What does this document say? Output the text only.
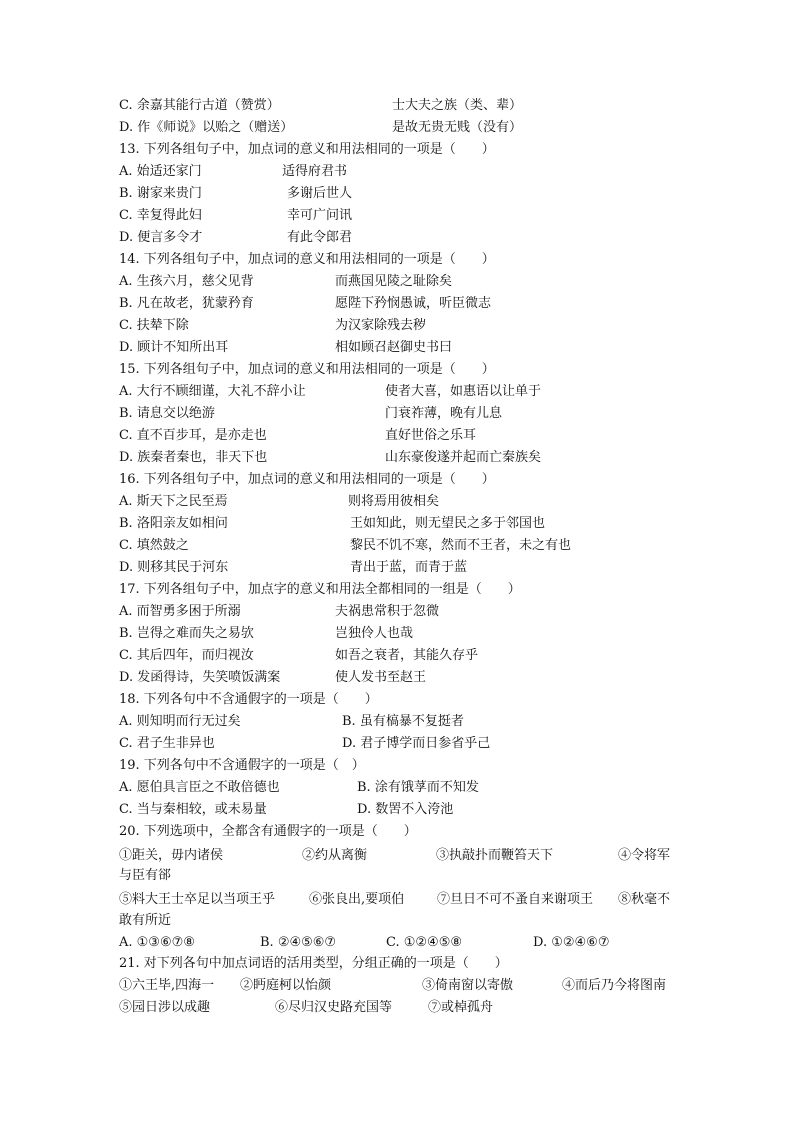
C. 余嘉其能行古道（赞赏）	士大夫之族（类、辈）
D. 作《师说》以贻之（赠送）	是故无贵无贱（没有）
13. 下列各组句子中，加点词的意义和用法相同的一项是（　　）
A. 始适还家门	适得府君书
B. 谢家来贵门	多谢后世人
C. 幸复得此妇	幸可广问讯
D. 便言多令才	有此令郎君
14. 下列各组句子中，加点词的意义和用法相同的一项是（　　）
A. 生孩六月，慈父见背	而燕国见陵之耻除矣
B. 凡在故老，犹蒙矜育	愿陛下矜悯愚诚，听臣微志
C. 扶辇下除	为汉家除残去秽
D. 顾计不知所出耳	相如顾召赵御史书曰
15. 下列各组句子中，加点词的意义和用法相同的一项是（　　）
A. 大行不顾细谨，大礼不辞小让	使者大喜，如惠语以让单于
B. 请息交以绝游	门衰祚薄，晚有儿息
C. 直不百步耳，是亦走也	直好世俗之乐耳
D. 族秦者秦也，非天下也	山东豪俊遂并起而亡秦族矣
16. 下列各组句子中，加点词的意义和用法相同的一项是（　　）
A. 斯天下之民至焉	则将焉用彼相矣
B. 洛阳亲友如相问	王如知此，则无望民之多于邻国也
C. 填然鼓之	黎民不饥不寒，然而不王者，未之有也
D. 则移其民于河东	青出于蓝，而青于蓝
17. 下列各组句子中，加点字的意义和用法全都相同的一组是（　　）
A. 而智勇多困于所溺	夫祸患常积于忽微
B. 岂得之难而失之易欤	岂独伶人也哉
C. 其后四年，而归视汝	如吾之衰者，其能久存乎
D. 发函得诗，失笑喷饭满案	使人发书至赵王
18. 下列各句中不含通假字的一项是（　　）
A. 则知明而行无过矣	B. 虽有槁暴不复挺者
C. 君子生非异也	D. 君子博学而日参省乎己
19. 下列各句中不含通假字的一项是（　）
A. 愿伯具言臣之不敢倍德也	B. 涂有饿莩而不知发
C. 当与秦相较，或未易量	D. 数罟不入洿池
20. 下列选项中，全都含有通假字的一项是（　　）
①距关，毋内诸侯	②约从离衡	③执敲扑而鞭笞天下	④令将军
与臣有郤
⑤料大王士卒足以当项王乎	⑥张良出,要项伯	⑦旦日不可不蚤自来谢项王 ⑧秋毫不
敢有所近
A. ①③⑥⑦⑧	B. ②④⑤⑥⑦	C. ①②④⑤⑧	D. ①②④⑥⑦
21. 对下列各句中加点词语的活用类型，分组正确的一项是（　　）
①六王毕,四海一 ②眄庭柯以怡颜	③倚南窗以寄傲	④而后乃今将图南
⑤园日涉以成趣	⑥尽归汉史路充国等	⑦或棹孤舟
